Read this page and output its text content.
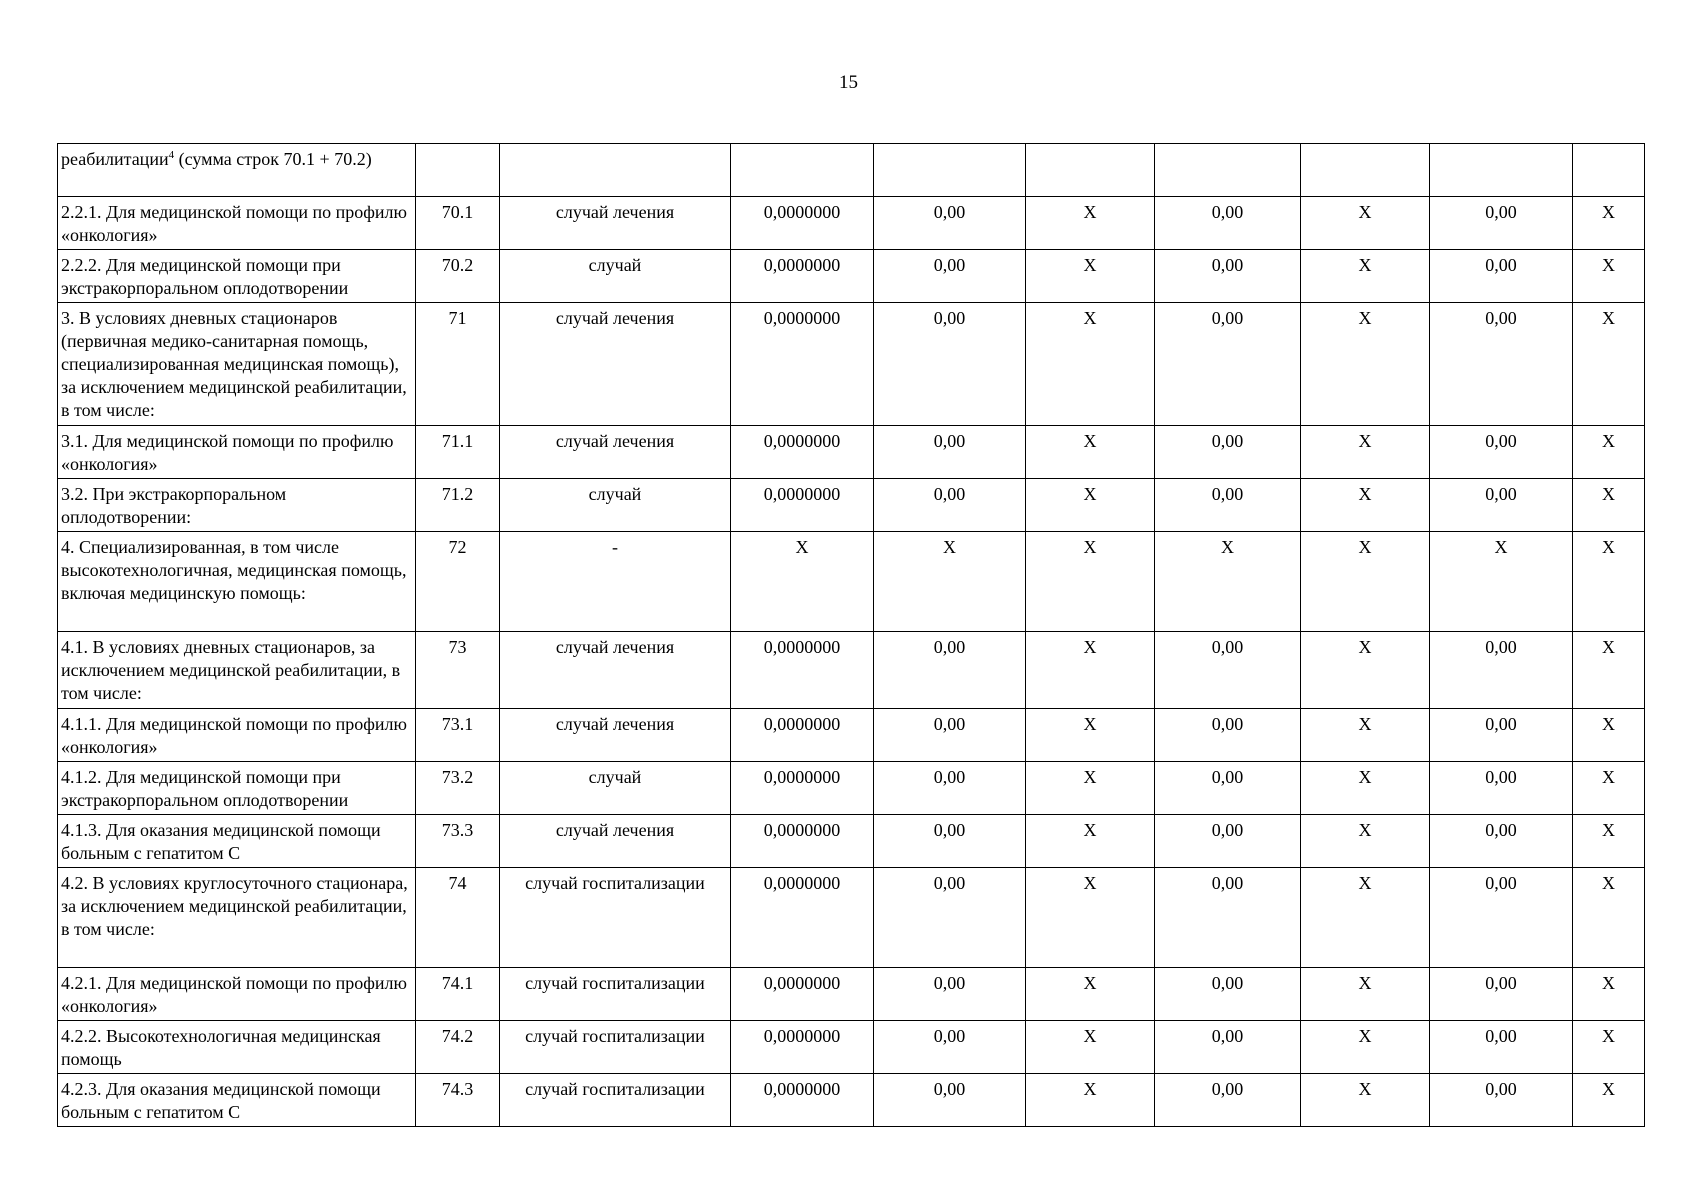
15
реабилитации$^4$ (сумма строк 70.1 + 70.2)									
2.2.1. Для медицинской помощи по профилю «онкология»	70.1	случай лечения	0,0000000	0,00	X	0,00	X	0,00	X
2.2.2. Для медицинской помощи при экстракорпоральном оплодотворении	70.2	случай	0,0000000	0,00	X	0,00	X	0,00	X
3. В условиях дневных стационаров (первичная медико-санитарная помощь, специализированная медицинская помощь), за исключением медицинской реабилитации, в том числе:	71	случай лечения	0,0000000	0,00	X	0,00	X	0,00	X
3.1. Для медицинской помощи по профилю «онкология»	71.1	случай лечения	0,0000000	0,00	X	0,00	X	0,00	X
3.2. При экстракорпоральном оплодотворении:	71.2	случай	0,0000000	0,00	X	0,00	X	0,00	X
4. Специализированная, в том числе высокотехнологичная, медицинская помощь, включая медицинскую помощь:	72	-	X	X	X	X	X	X	X
4.1. В условиях дневных стационаров, за исключением медицинской реабилитации, в том числе:	73	случай лечения	0,0000000	0,00	X	0,00	X	0,00	X
4.1.1. Для медицинской помощи по профилю «онкология»	73.1	случай лечения	0,0000000	0,00	X	0,00	X	0,00	X
4.1.2. Для медицинской помощи при экстракорпоральном оплодотворении	73.2	случай	0,0000000	0,00	X	0,00	X	0,00	X
4.1.3. Для оказания медицинской помощи больным с гепатитом С	73.3	случай лечения	0,0000000	0,00	X	0,00	X	0,00	X
4.2. В условиях круглосуточного стационара, за исключением медицинской реабилитации,
в том числе:	74	случай госпитализации	0,0000000	0,00	X	0,00	X	0,00	X
4.2.1. Для медицинской помощи по профилю «онкология»	74.1	случай госпитализации	0,0000000	0,00	X	0,00	X	0,00	X
4.2.2. Высокотехнологичная медицинская помощь	74.2	случай госпитализации	0,0000000	0,00	X	0,00	X	0,00	X
4.2.3. Для оказания медицинской помощи больным с гепатитом С	74.3	случай госпитализации	0,0000000	0,00	X	0,00	X	0,00	X
